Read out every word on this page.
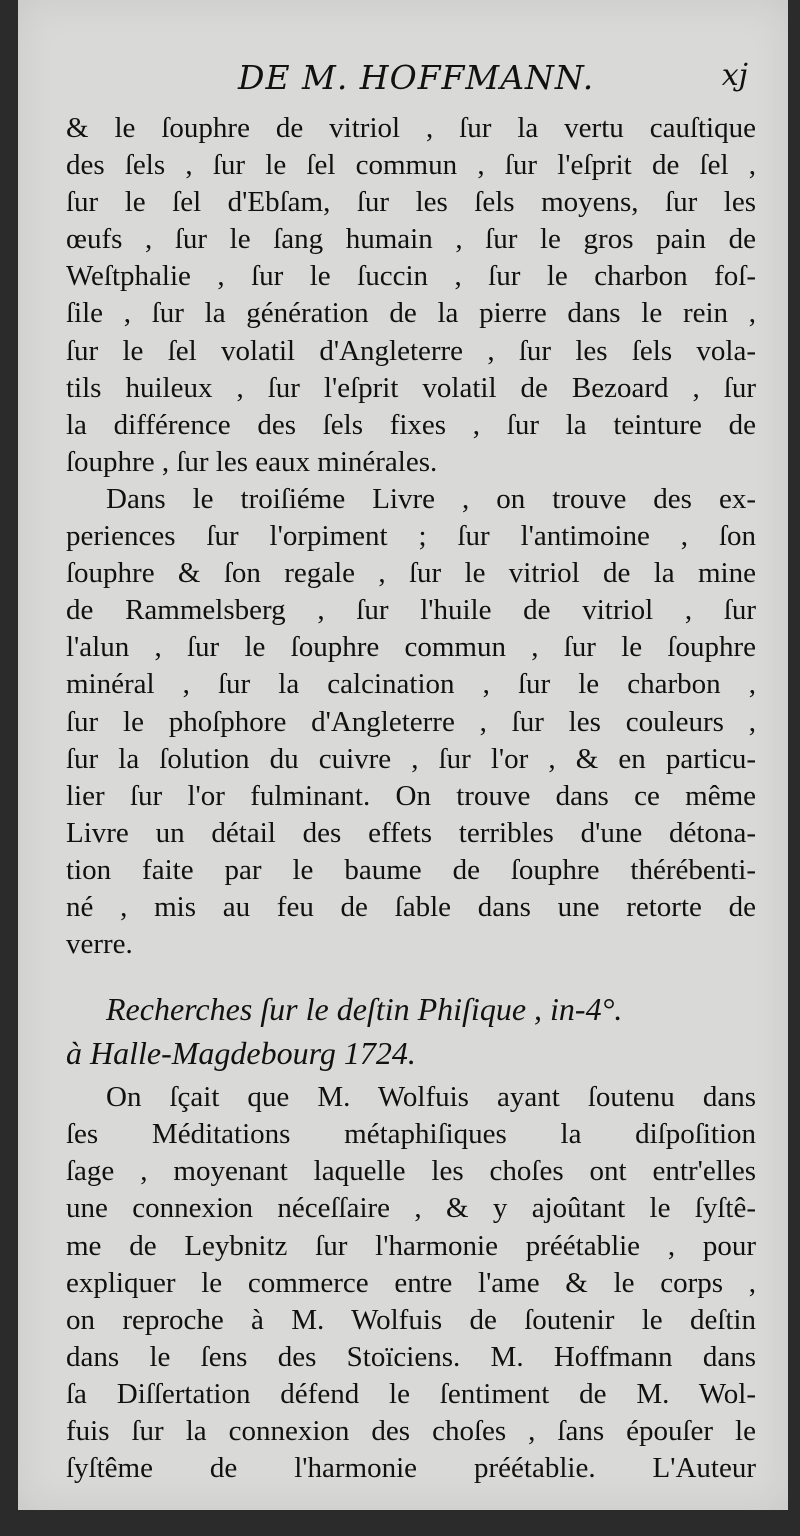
DE M. HOFFMANN.	xj
& le ſouphre de vitriol , ſur la vertu cauſtique
des ſels , ſur le ſel commun , ſur l'eſprit de ſel ,
ſur le ſel d'Ebſam, ſur les ſels moyens, ſur les
œufs , ſur le ſang humain , ſur le gros pain de
Weſtphalie , ſur le ſuccin , ſur le charbon foſ-
ſile , ſur la génération de la pierre dans le rein ,
ſur le ſel volatil d'Angleterre , ſur les ſels vola-
tils huileux , ſur l'eſprit volatil de Bezoard , ſur
la différence des ſels fixes , ſur la teinture de
ſouphre , ſur les eaux minérales.
Dans le troiſiéme Livre , on trouve des ex-
periences ſur l'orpiment ; ſur l'antimoine , ſon
ſouphre & ſon regale , ſur le vitriol de la mine
de Rammelsberg , ſur l'huile de vitriol , ſur
l'alun , ſur le ſouphre commun , ſur le ſouphre
minéral , ſur la calcination , ſur le charbon ,
ſur le phoſphore d'Angleterre , ſur les couleurs ,
ſur la ſolution du cuivre , ſur l'or , & en particu-
lier ſur l'or fulminant. On trouve dans ce même
Livre un détail des effets terribles d'une détona-
tion faite par le baume de ſouphre thérébenti-
né , mis au feu de ſable dans une retorte de
verre.
Recherches ſur le deſtin Phiſique , in-4°.
à Halle-Magdebourg 1724.
On ſçait que M. Wolfuis ayant ſoutenu dans
ſes Méditations métaphiſiques la diſpoſition
ſage , moyenant laquelle les choſes ont entr'elles
une connexion néceſſaire , & y ajoûtant le ſyſtê-
me de Leybnitz ſur l'harmonie préétablie , pour
expliquer le commerce entre l'ame & le corps ,
on reproche à M. Wolfuis de ſoutenir le deſtin
dans le ſens des Stoïciens. M. Hoffmann dans
ſa Diſſertation défend le ſentiment de M. Wol-
fuis ſur la connexion des choſes , ſans épouſer le
ſyſtême de l'harmonie préétablie. L'Auteur
